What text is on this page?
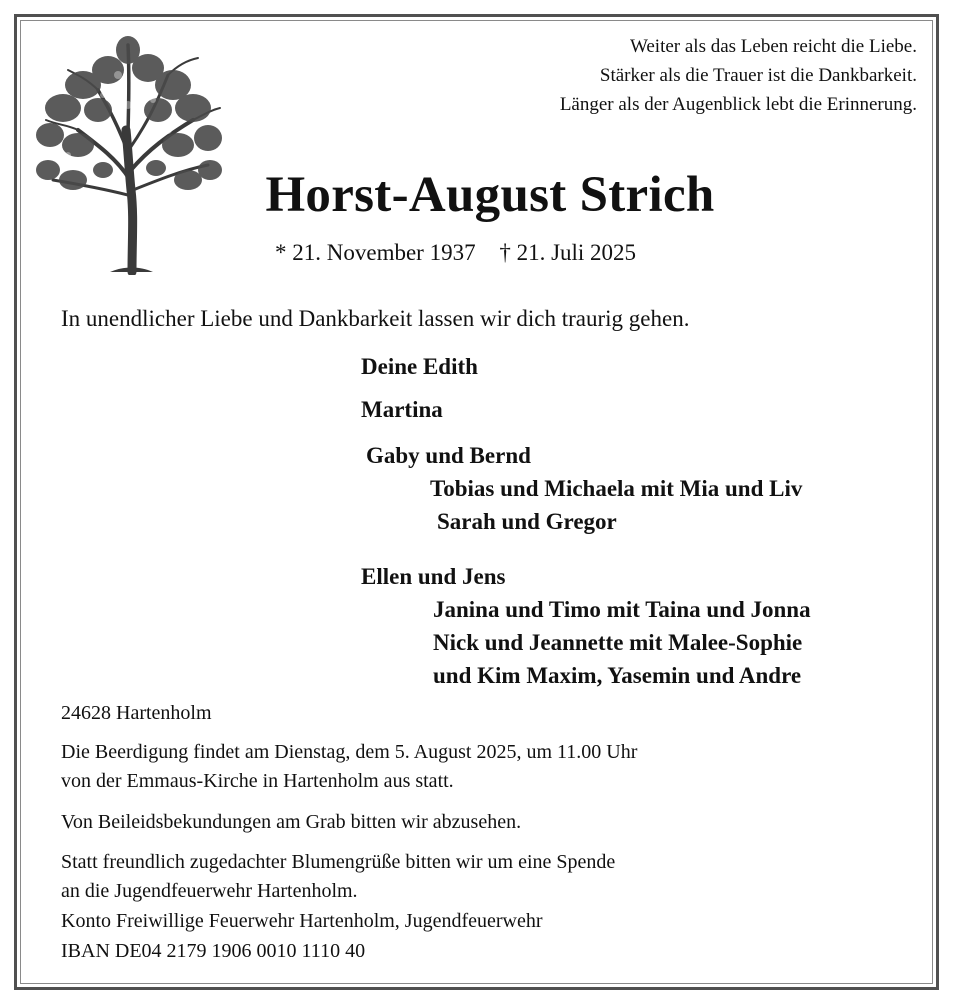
Weiter als das Leben reicht die Liebe.
Stärker als die Trauer ist die Dankbarkeit.
Länger als der Augenblick lebt die Erinnerung.
Horst-August Strich
* 21. November 1937 † 21. Juli 2025
In unendlicher Liebe und Dankbarkeit lassen wir dich traurig gehen.
Deine Edith
Martina
Gaby und Bernd
Tobias und Michaela mit Mia und Liv
Sarah und Gregor
Ellen und Jens
Janina und Timo mit Taina und Jonna
Nick und Jeannette mit Malee-Sophie
und Kim Maxim, Yasemin und Andre
24628 Hartenholm
Die Beerdigung findet am Dienstag, dem 5. August 2025, um 11.00 Uhr
von der Emmaus-Kirche in Hartenholm aus statt.
Von Beileidsbekundungen am Grab bitten wir abzusehen.
Statt freundlich zugedachter Blumengrüße bitten wir um eine Spende
an die Jugendfeuerwehr Hartenholm.
Konto Freiwillige Feuerwehr Hartenholm, Jugendfeuerwehr
IBAN DE04 2179 1906 0010 1110 40
